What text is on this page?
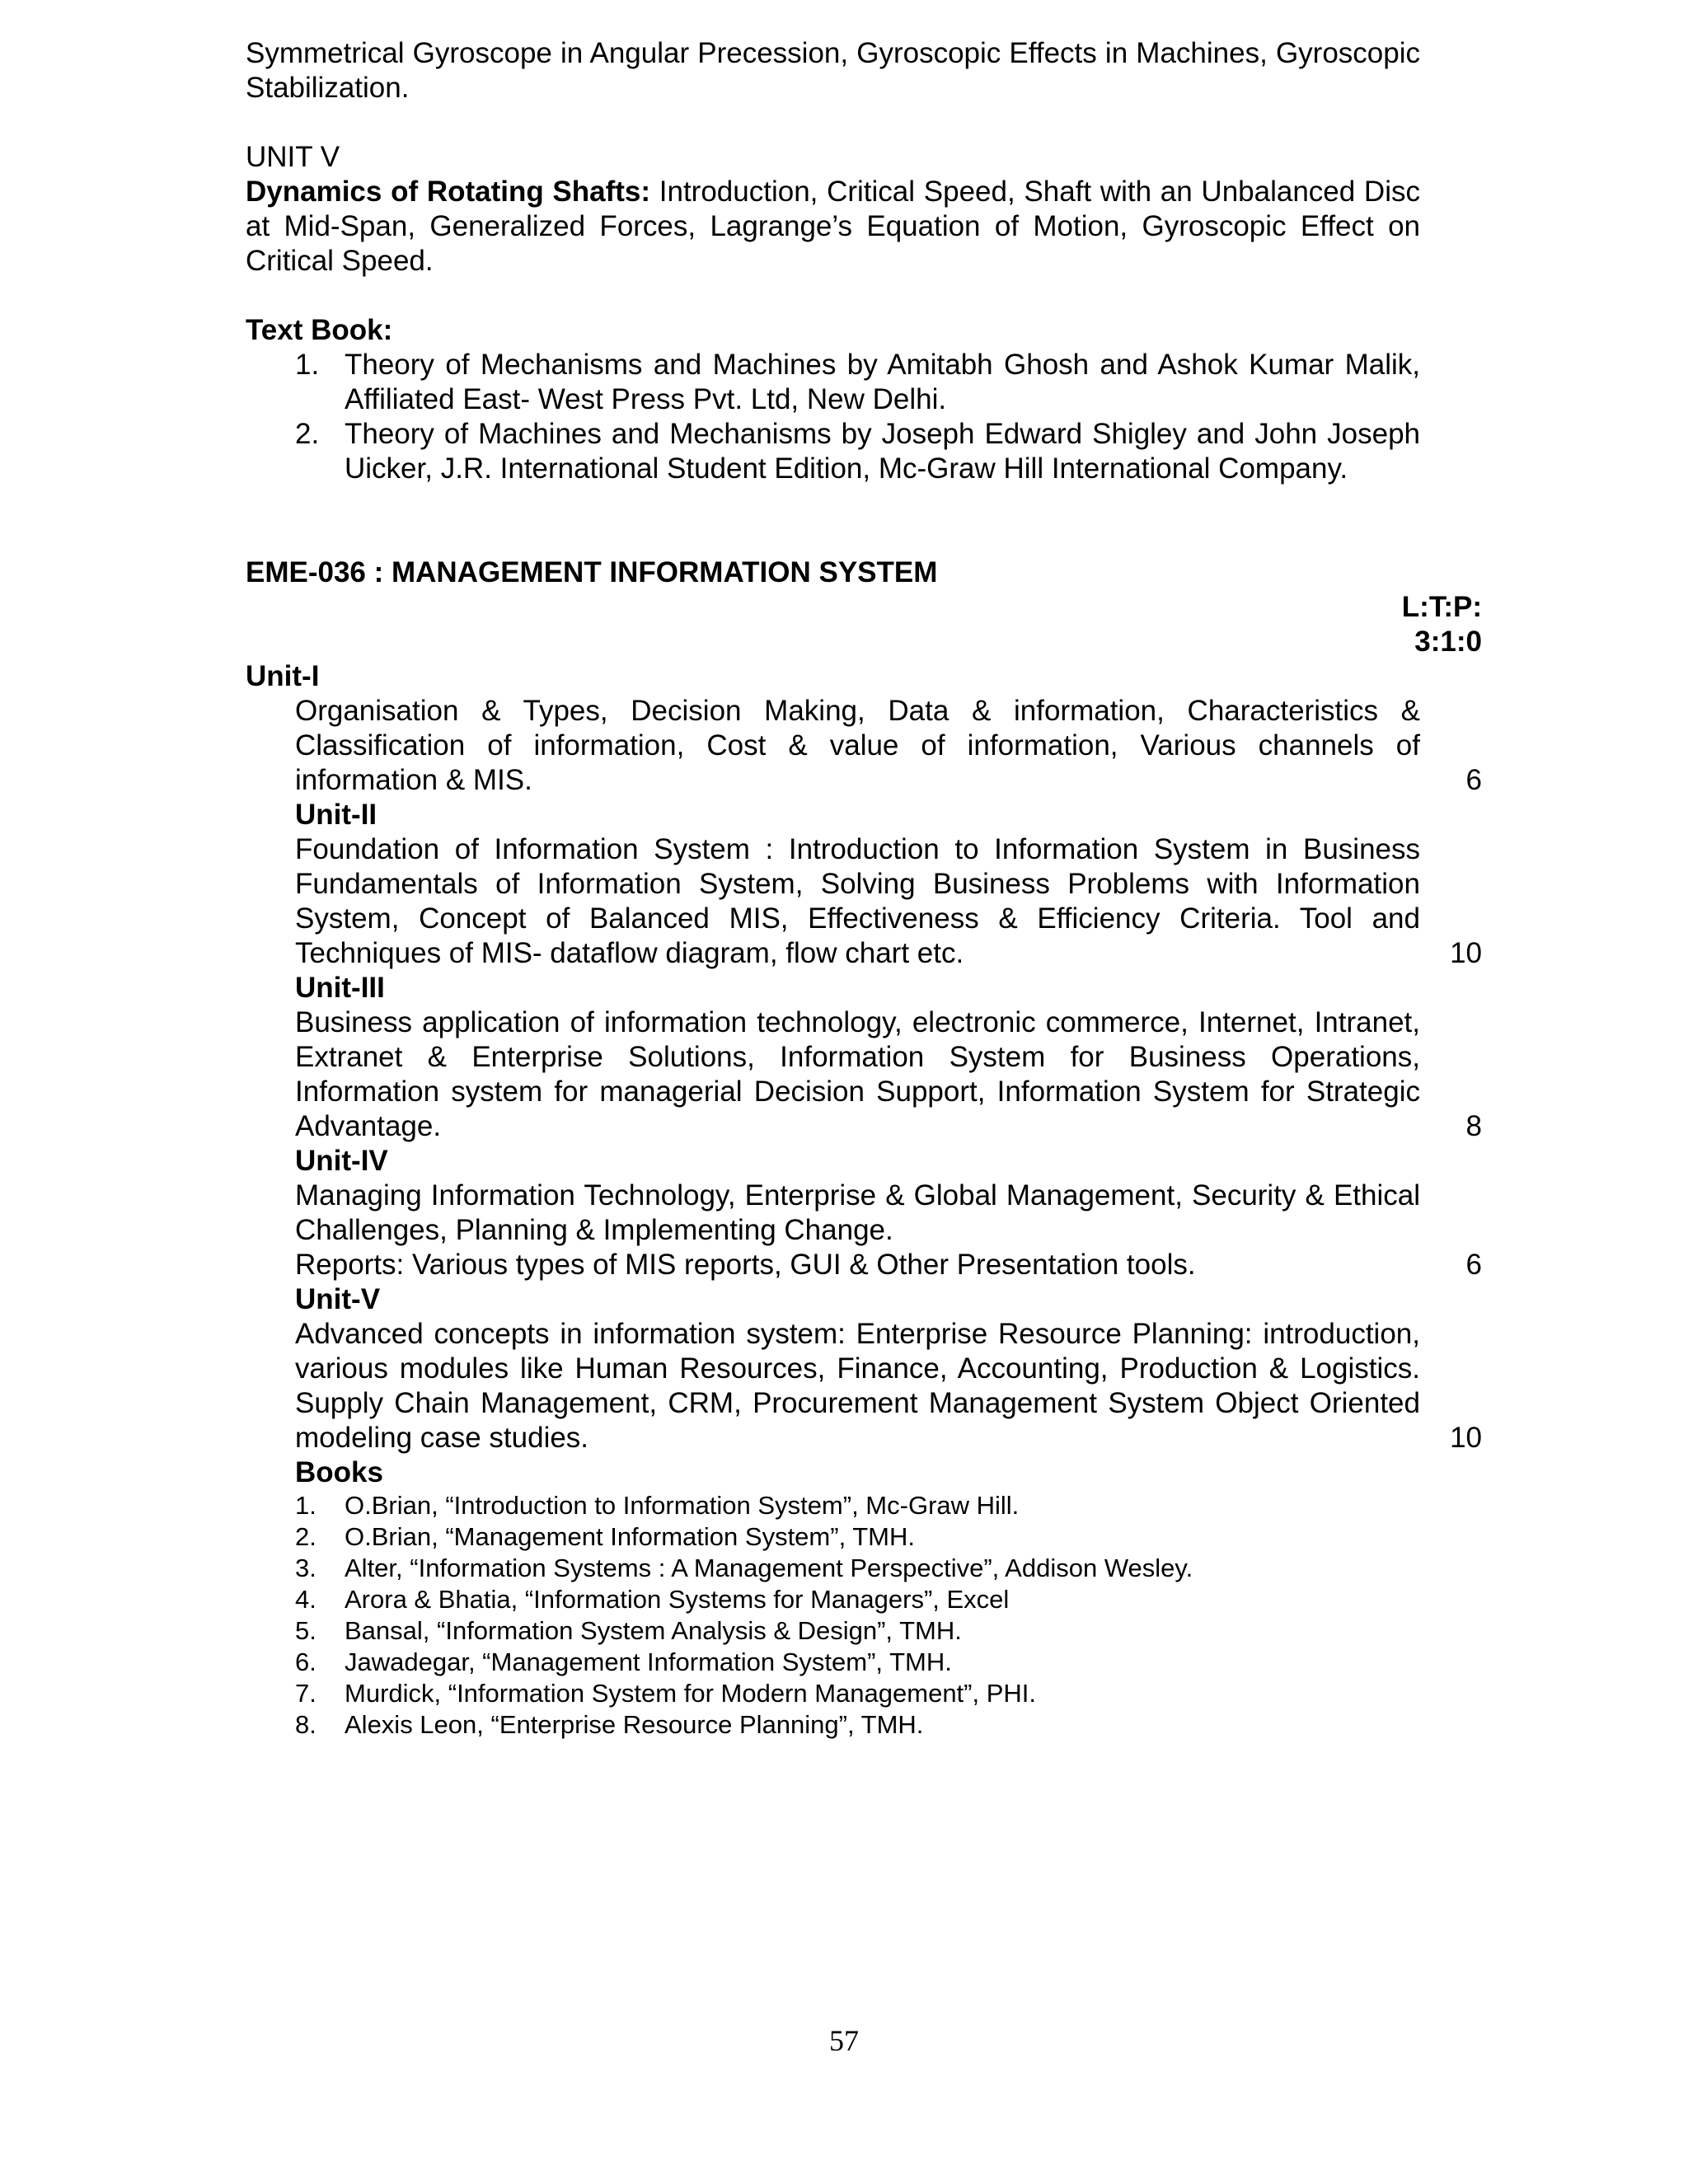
Symmetrical Gyroscope in Angular Precession, Gyroscopic Effects in Machines, Gyroscopic Stabilization.

UNIT V

Dynamics of Rotating Shafts: Introduction, Critical Speed, Shaft with an Unbalanced Disc at Mid-Span, Generalized Forces, Lagrange’s Equation of Motion, Gyroscopic Effect on Critical Speed.

Text Book:

1. Theory of Mechanisms and Machines by Amitabh Ghosh and Ashok Kumar Malik, Affiliated East- West Press Pvt. Ltd, New Delhi.
2. Theory of Machines and Mechanisms by Joseph Edward Shigley and John Joseph Uicker, J.R. International Student Edition, Mc-Graw Hill International Company.

EME-036 : MANAGEMENT INFORMATION SYSTEM

L:T:P:
3:1:0
Unit-I
Organisation & Types, Decision Making, Data & information, Characteristics & Classification of information, Cost & value of information, Various channels of information & MIS.	6
Unit-II
Foundation of Information System : Introduction to Information System in Business Fundamentals of Information System, Solving Business Problems with Information System, Concept of Balanced MIS, Effectiveness & Efficiency Criteria. Tool and Techniques of MIS- dataflow diagram, flow chart etc.	10
Unit-III
Business application of information technology, electronic commerce, Internet, Intranet, Extranet & Enterprise Solutions, Information System for Business Operations, Information system for managerial Decision Support, Information System for Strategic Advantage.	8
Unit-IV
Managing Information Technology, Enterprise & Global Management, Security & Ethical Challenges, Planning & Implementing Change.
Reports: Various types of MIS reports, GUI & Other Presentation tools.	6
Unit-V
Advanced concepts in information system: Enterprise Resource Planning: introduction, various modules like Human Resources, Finance, Accounting, Production & Logistics. Supply Chain Management, CRM, Procurement Management System Object Oriented modeling case studies.	10
Books
1. O.Brian, “Introduction to Information System”, Mc-Graw Hill.
2. O.Brian, “Management Information System”, TMH.
3. Alter, “Information Systems : A Management Perspective”, Addison Wesley.
4. Arora & Bhatia, “Information Systems for Managers”, Excel
5. Bansal, “Information System Analysis & Design”, TMH.
6. Jawadegar, “Management Information System”, TMH.
7. Murdick, “Information System for Modern Management”, PHI.
8. Alexis Leon, “Enterprise Resource Planning”, TMH.
57
